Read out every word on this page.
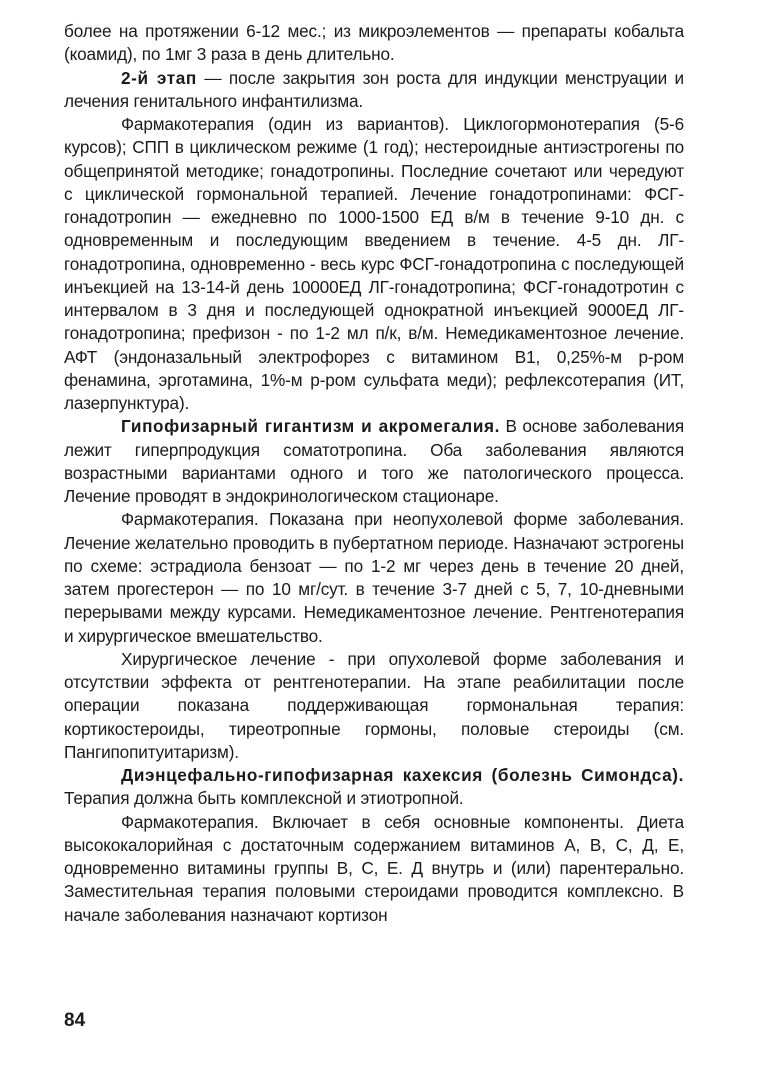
более на протяжении 6-12 мес.; из микроэлементов — препараты кобальта (коамид), по 1мг 3 раза в день длительно.

2-й этап — после закрытия зон роста для индукции менструации и лечения генитального инфантилизма.

Фармакотерапия (один из вариантов). Циклогормонотерапия (5-6 курсов); СПП в циклическом режиме (1 год); нестероидные антиэстрогены по общепринятой методике; гонадотропины. Последние сочетают или чередуют с циклической гормональной терапией. Лечение гонадотропинами: ФСГ-гонадотропин — ежедневно по 1000-1500 ЕД в/м в течение 9-10 дн. с одновременным и последующим введением в течение. 4-5 дн. ЛГ-гонадотропина, одновременно - весь курс ФСГ-гонадотропина с последующей инъекцией на 13-14-й день 10000ЕД ЛГ-гонадотропина; ФСГ-гонадотротин с интервалом в 3 дня и последующей однократной инъекцией 9000ЕД ЛГ- гонадотропина; префизон - по 1-2 мл п/к, в/м. Немедикаментозное лечение. АФТ (эндоназальный электрофорез с витамином В1, 0,25%-м р-ром фенамина, эрготамина, 1%-м р-ром сульфата меди); рефлексотерапия (ИТ, лазерпунктура).

Гипофизарный гигантизм и акромегалия. В основе заболевания лежит гиперпродукция соматотропина. Оба заболевания являются возрастными вариантами одного и того же патологического процесса. Лечение проводят в эндокринологическом стационаре.

Фармакотерапия. Показана при неопухолевой форме заболевания. Лечение желательно проводить в пубертатном периоде. Назначают эстрогены по схеме: эстрадиола бензоат — по 1-2 мг через день в течение 20 дней, затем прогестерон — по 10 мг/сут. в течение 3-7 дней с 5, 7, 10-дневными перерывами между курсами. Немедикаментозное лечение. Рентгенотерапия и хирургическое вмешательство.

Хирургическое лечение - при опухолевой форме заболевания и отсутствии эффекта от рентгенотерапии. На этапе реабилитации после операции показана поддерживающая гормональная терапия: кортикостероиды, тиреотропные гормоны, половые стероиды (см. Пангипопитуитаризм).

Диэнцефально-гипофизарная кахексия (болезнь Симондса). Терапия должна быть комплексной и этиотропной.

Фармакотерапия. Включает в себя основные компоненты. Диета высококалорийная с достаточным содержанием витаминов А, В, С, Д, Е, одновременно витамины группы В, С, Е. Д внутрь и (или) парентерально. Заместительная терапия половыми стероидами проводится комплексно. В начале заболевания назначают кортизон

84
